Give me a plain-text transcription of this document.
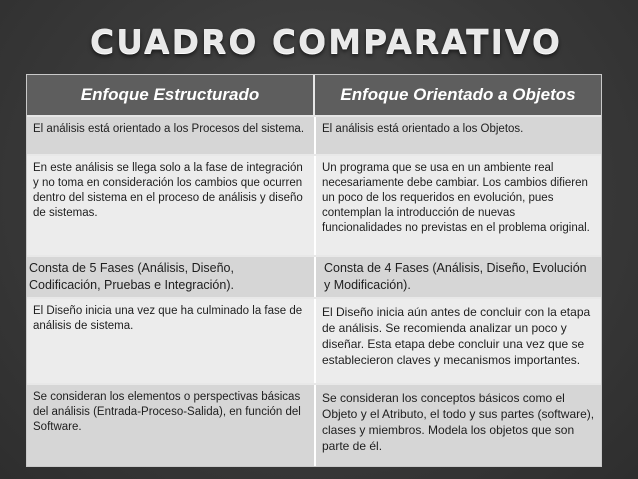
CUADRO COMPARATIVO
Enfoque Estructurado	Enfoque Orientado a Objetos
El análisis está orientado a los Procesos del sistema.	El análisis está orientado a los Objetos.
En este análisis se llega solo a la fase de integración y no toma en consideración los cambios que ocurren dentro del sistema en el proceso de análisis y diseño de sistemas.
Un programa que se usa en un ambiente real necesariamente debe cambiar. Los cambios difieren un poco de los requeridos en evolución, pues contemplan la introducción de nuevas funcionalidades no previstas en el problema original.
Consta de 5 Fases (Análisis, Diseño, Codificación, Pruebas e Integración).
Consta de 4 Fases (Análisis, Diseño, Evolución y Modificación).
El Diseño inicia una vez que ha culminado la fase de análisis de sistema.
El Diseño inicia aún antes de concluir con la etapa de análisis. Se recomienda analizar un poco y diseñar. Esta etapa debe concluir una vez que se establecieron claves y mecanismos importantes.
Se consideran los elementos o perspectivas básicas del análisis (Entrada-Proceso-Salida), en función del Software.
Se consideran los conceptos básicos como el Objeto y el Atributo, el todo y sus partes (software), clases y miembros. Modela los objetos que son parte de él.
